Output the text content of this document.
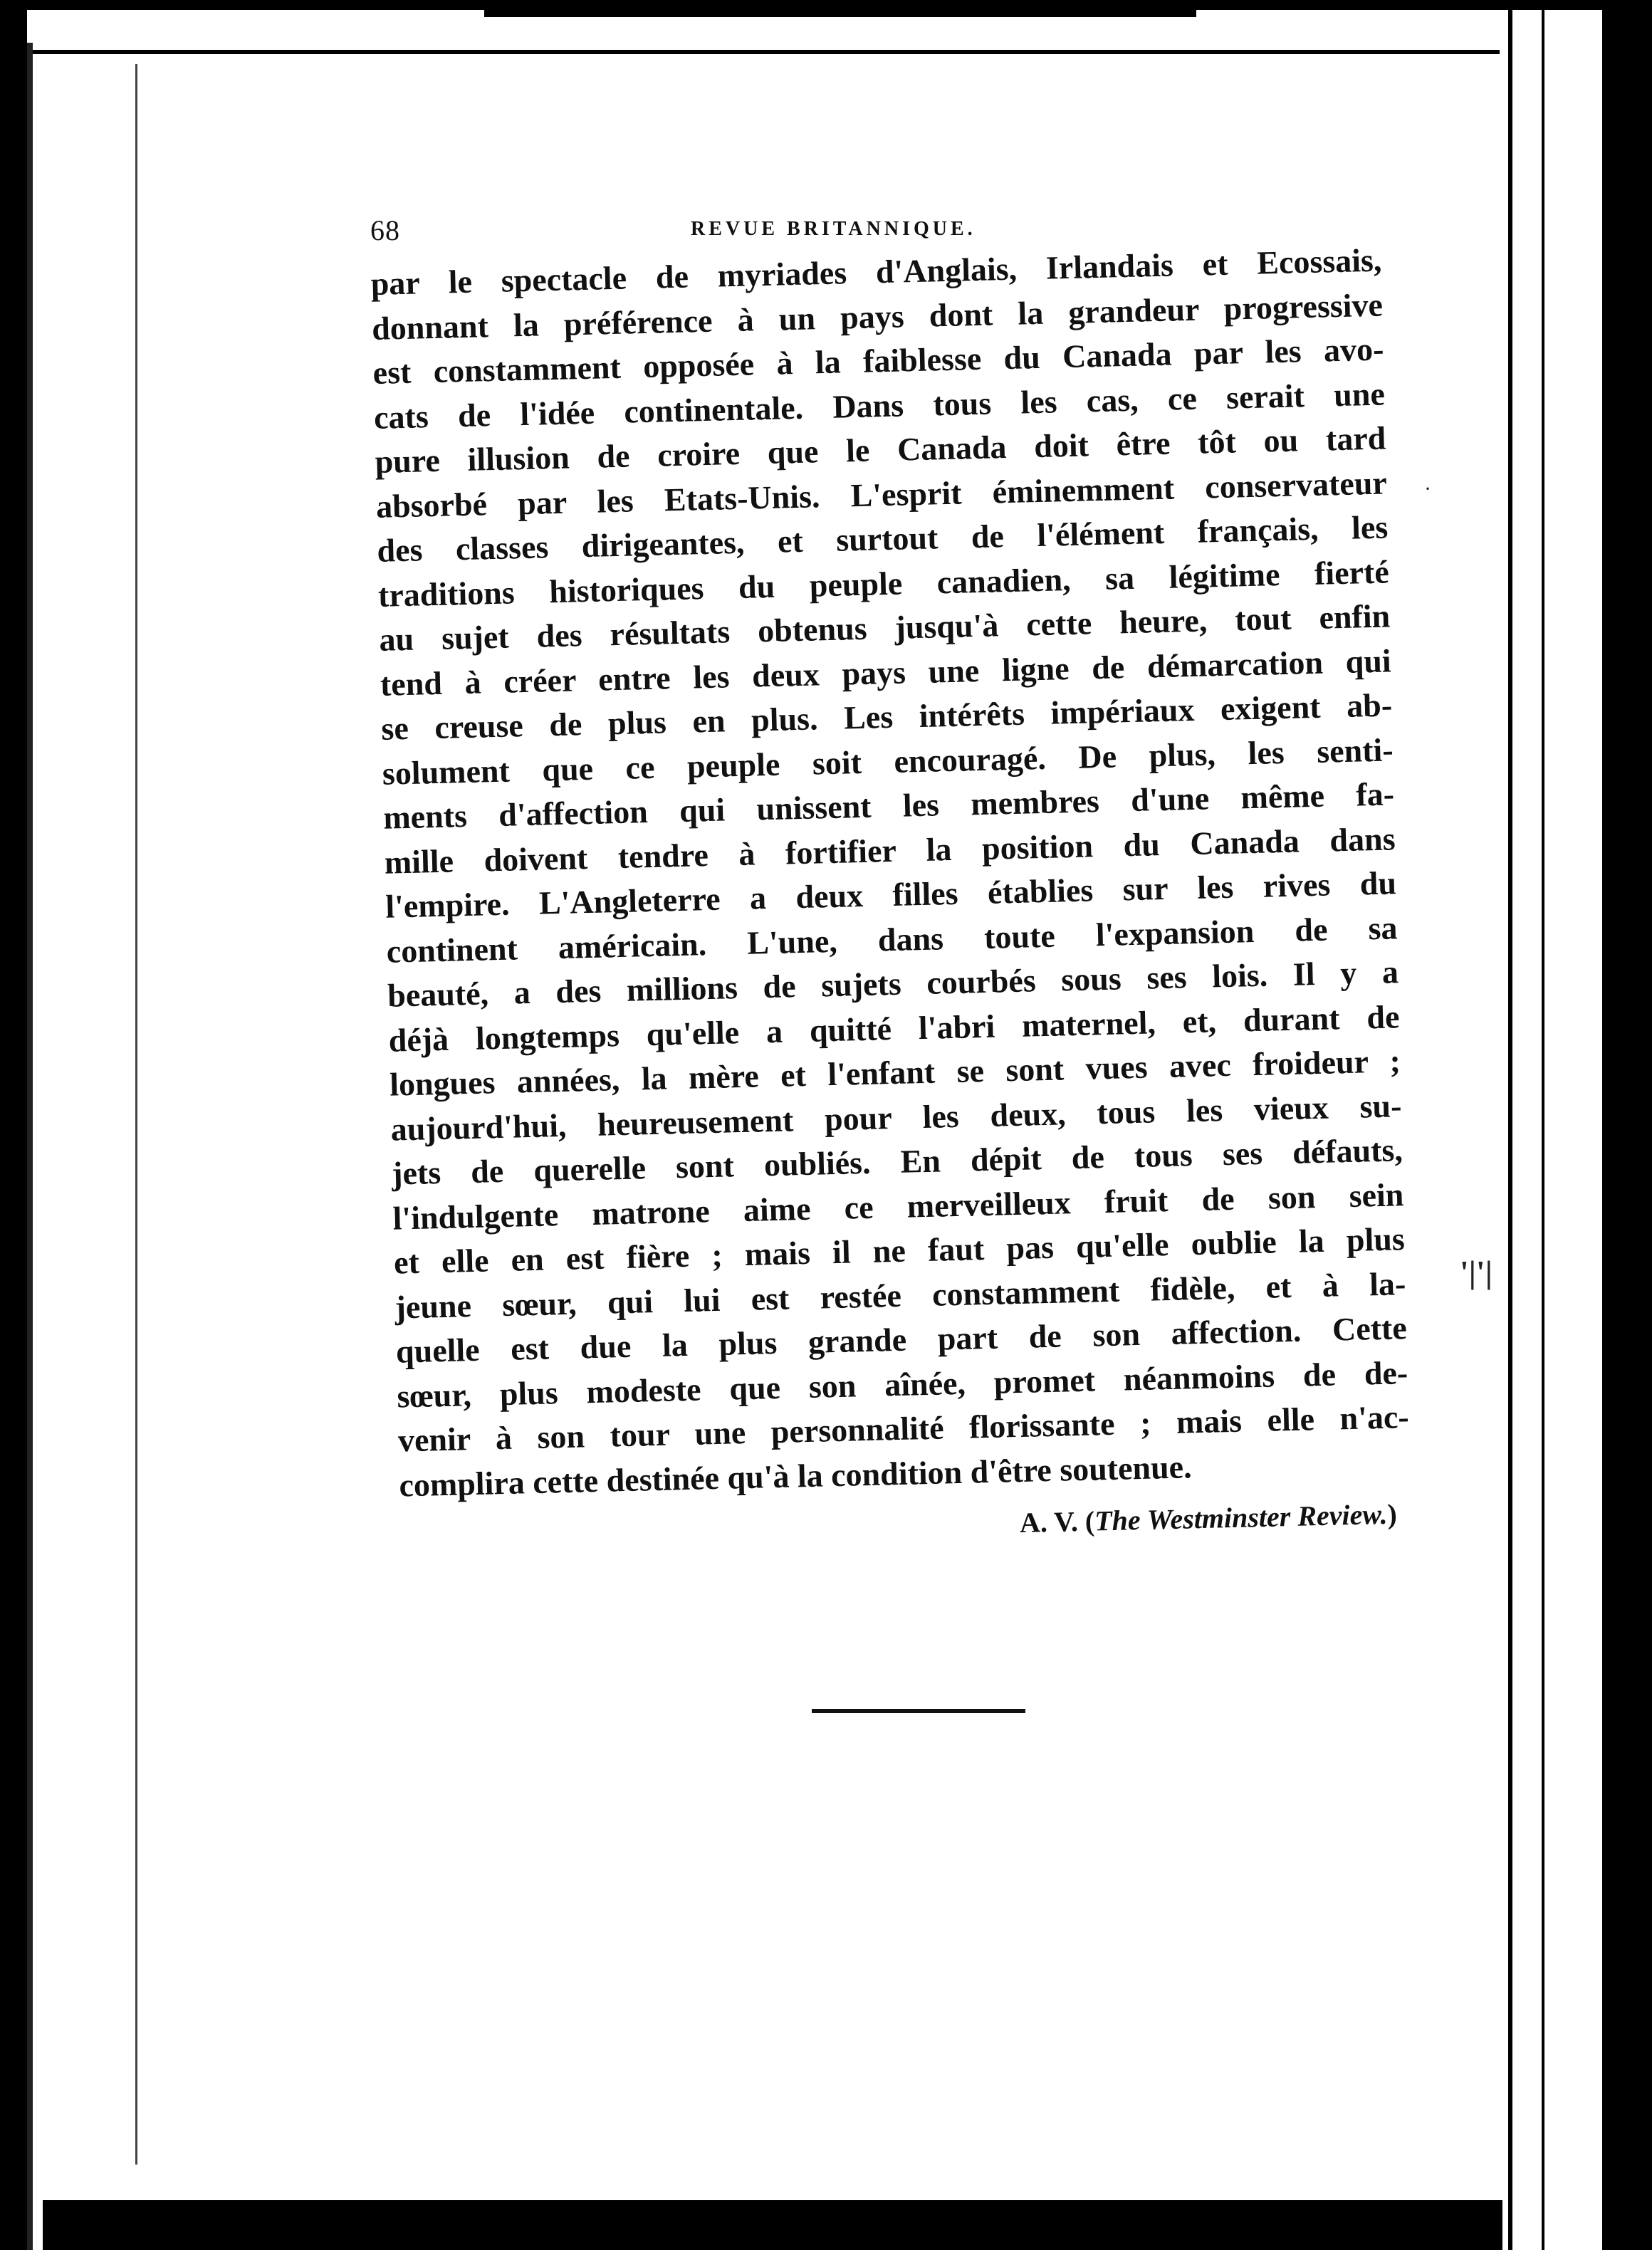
68	REVUE BRITANNIQUE.
par le spectacle de myriades d'Anglais, Irlandais et Ecossais,
donnant la préférence à un pays dont la grandeur progressive
est constamment opposée à la faiblesse du Canada par les avo-
cats de l'idée continentale. Dans tous les cas, ce serait une
pure illusion de croire que le Canada doit être tôt ou tard
absorbé par les Etats-Unis. L'esprit éminemment conservateur
des classes dirigeantes, et surtout de l'élément français, les
traditions historiques du peuple canadien, sa légitime fierté
au sujet des résultats obtenus jusqu'à cette heure, tout enfin
tend à créer entre les deux pays une ligne de démarcation qui
se creuse de plus en plus. Les intérêts impériaux exigent ab-
solument que ce peuple soit encouragé. De plus, les senti-
ments d'affection qui unissent les membres d'une même fa-
mille doivent tendre à fortifier la position du Canada dans
l'empire. L'Angleterre a deux filles établies sur les rives du
continent américain. L'une, dans toute l'expansion de sa
beauté, a des millions de sujets courbés sous ses lois. Il y a
déjà longtemps qu'elle a quitté l'abri maternel, et, durant de
longues années, la mère et l'enfant se sont vues avec froideur ;
aujourd'hui, heureusement pour les deux, tous les vieux su-
jets de querelle sont oubliés. En dépit de tous ses défauts,
l'indulgente matrone aime ce merveilleux fruit de son sein
et elle en est fière ; mais il ne faut pas qu'elle oublie la plus
jeune sœur, qui lui est restée constamment fidèle, et à la-
quelle est due la plus grande part de son affection. Cette
sœur, plus modeste que son aînée, promet néanmoins de de-
venir à son tour une personnalité florissante ; mais elle n'ac-
complira cette destinée qu'à la condition d'être soutenue.
A. V. (The Westminster Review.)
·
'|'|
